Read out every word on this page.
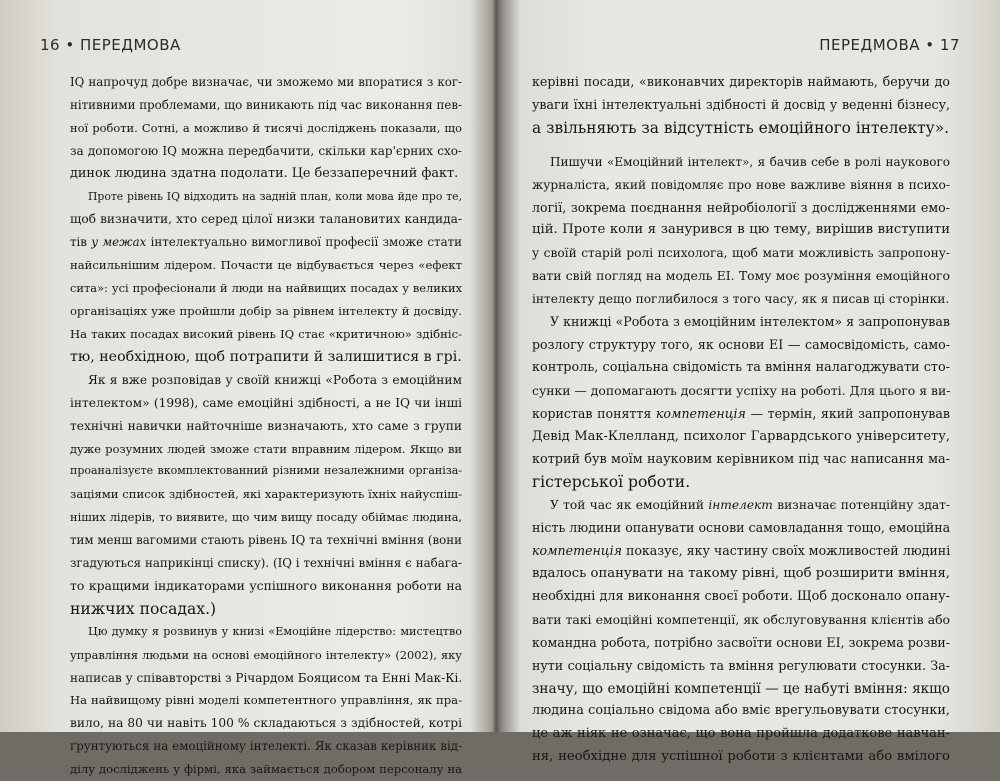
16 • ПЕРЕДМОВА
IQ напрочуд добре визначає, чи зможемо ми впоратися з ког-
нітивними проблемами, що виникають під час виконання пев-
ної роботи. Сотні, а можливо й тисячі досліджень показали, що
за допомогою IQ можна передбачити, скільки кар'єрних схо-
динок людина здатна подолати. Це беззаперечний факт.
Проте рівень IQ відходить на задній план, коли мова йде про те,
щоб визначити, хто серед цілої низки талановитих кандида-
тів у межах інтелектуально вимогливої професії зможе стати
найсильнішим лідером. Почасти це відбувається через «ефект
сита»: усі професіонали й люди на найвищих посадах у великих
організаціях уже пройшли добір за рівнем інтелекту й досвіду.
На таких посадах високий рівень IQ стає «критичною» здібніс-
тю, необхідною, щоб потрапити й залишитися в грі.
Як я вже розповідав у своїй книжці «Робота з емоційним
інтелектом» (1998), саме емоційні здібності, а не IQ чи інші
технічні навички найточніше визначають, хто саме з групи
дуже розумних людей зможе стати вправним лідером. Якщо ви
проаналізуєте вкомплектованний різними незалежними організа-
заціями список здібностей, які характеризують їхніх найуспіш-
ніших лідерів, то виявите, що чим вищу посаду обіймає людина,
тим менш вагомими стають рівень IQ та технічні вміння (вони
згадуються наприкінці списку). (IQ і технічні вміння є набага-
то кращими індикаторами успішного виконання роботи на
нижчих посадах.)
Цю думку я розвинув у книзі «Емоційне лідерство: мистецтво
управління людьми на основі емоційного інтелекту» (2002), яку
написав у співавторстві з Річардом Бояцисом та Енні Мак-Кі.
На найвищому рівні моделі компетентного управління, як пра-
вило, на 80 чи навіть 100 % складаються з здібностей, котрі
ґрунтуються на емоційному інтелекті. Як сказав керівник від-
ділу досліджень у фірмі, яка займається добором персоналу на
ПЕРЕДМОВА • 17
керівні посади, «виконавчих директорів наймають, беручи до
уваги їхні інтелектуальні здібності й досвід у веденні бізнесу,
а звільняють за відсутність емоційного інтелекту».
Пишучи «Емоційний інтелект», я бачив себе в ролі наукового
журналіста, який повідомляє про нове важливе віяння в психо-
логії, зокрема поєднання нейробіології з дослідженнями емо-
цій. Проте коли я занурився в цю тему, вирішив виступити
у своїй старій ролі психолога, щоб мати можливість запропону-
вати свій погляд на модель ЕІ. Тому моє розуміння емоційного
інтелекту дещо поглибилося з того часу, як я писав ці сторінки.
У книжці «Робота з емоційним інтелектом» я запропонував
розлогу структуру того, як основи ЕІ — самосвідомість, само-
контроль, соціальна свідомість та вміння налагоджувати сто-
сунки — допомагають досягти успіху на роботі. Для цього я ви-
користав поняття компетенція — термін, який запропонував
Девід Мак-Клелланд, психолог Гарвардського університету,
котрий був моїм науковим керівником під час написання ма-
гістерської роботи.
У той час як емоційний інтелект визначає потенційну здат-
ність людини опанувати основи самовладання тощо, емоційна
компетенція показує, яку частину своїх можливостей людині
вдалось опанувати на такому рівні, щоб розширити вміння,
необхідні для виконання своєї роботи. Щоб досконало опану-
вати такі емоційні компетенції, як обслуговування клієнтів або
командна робота, потрібно засвоїти основи ЕІ, зокрема розви-
нути соціальну свідомість та вміння регулювати стосунки. За-
значу, що емоційні компетенції — це набуті вміння: якщо
людина соціально свідома або вміє врегульовувати стосунки,
це аж ніяк не означає, що вона пройшла додаткове навчан-
ня, необхідне для успішної роботи з клієнтами або вмілого
